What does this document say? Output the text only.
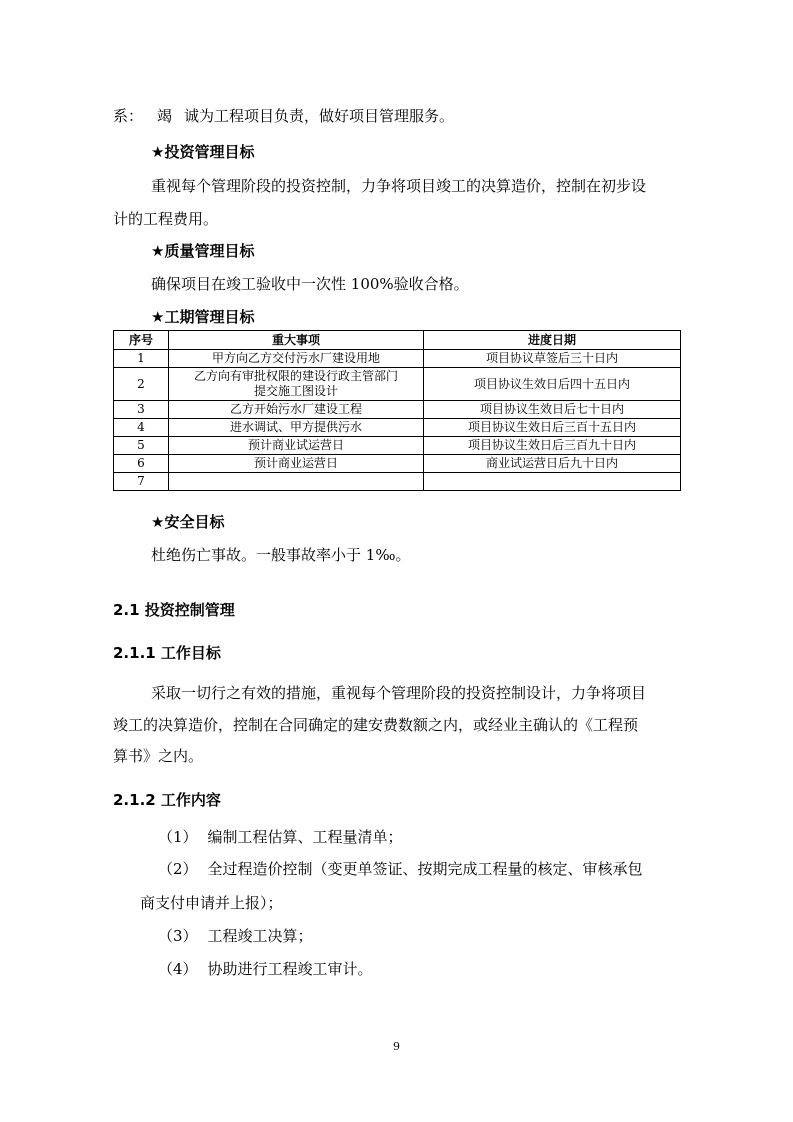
系： 竭 诚为工程项目负责，做好项目管理服务。
★投资管理目标
重视每个管理阶段的投资控制，力争将项目竣工的决算造价，控制在初步设
计的工程费用。
★质量管理目标
确保项目在竣工验收中一次性 100%验收合格。
★工期管理目标
序号	重大事项	进度日期
1	甲方向乙方交付污水厂建设用地	项目协议草签后三十日内
2	乙方向有审批权限的建设行政主管部门
提交施工图设计	项目协议生效日后四十五日内
3	乙方开始污水厂建设工程	项目协议生效日后七十日内
4	进水调试、甲方提供污水	项目协议生效日后三百十五日内
5	预计商业试运营日	项目协议生效日后三百九十日内
6	预计商业运营日	商业试运营日后九十日内
7		
★安全目标
杜绝伤亡事故。一般事故率小于 1‰。
2.1 投资控制管理
2.1.1 工作目标
采取一切行之有效的措施，重视每个管理阶段的投资控制设计，力争将项目
竣工的决算造价，控制在合同确定的建安费数额之内，或经业主确认的《工程预
算书》之内。
2.1.2 工作内容
（1） 编制工程估算、工程量清单；
（2） 全过程造价控制（变更单签证、按期完成工程量的核定、审核承包
商支付申请并上报）；
（3） 工程竣工决算；
（4） 协助进行工程竣工审计。
9
